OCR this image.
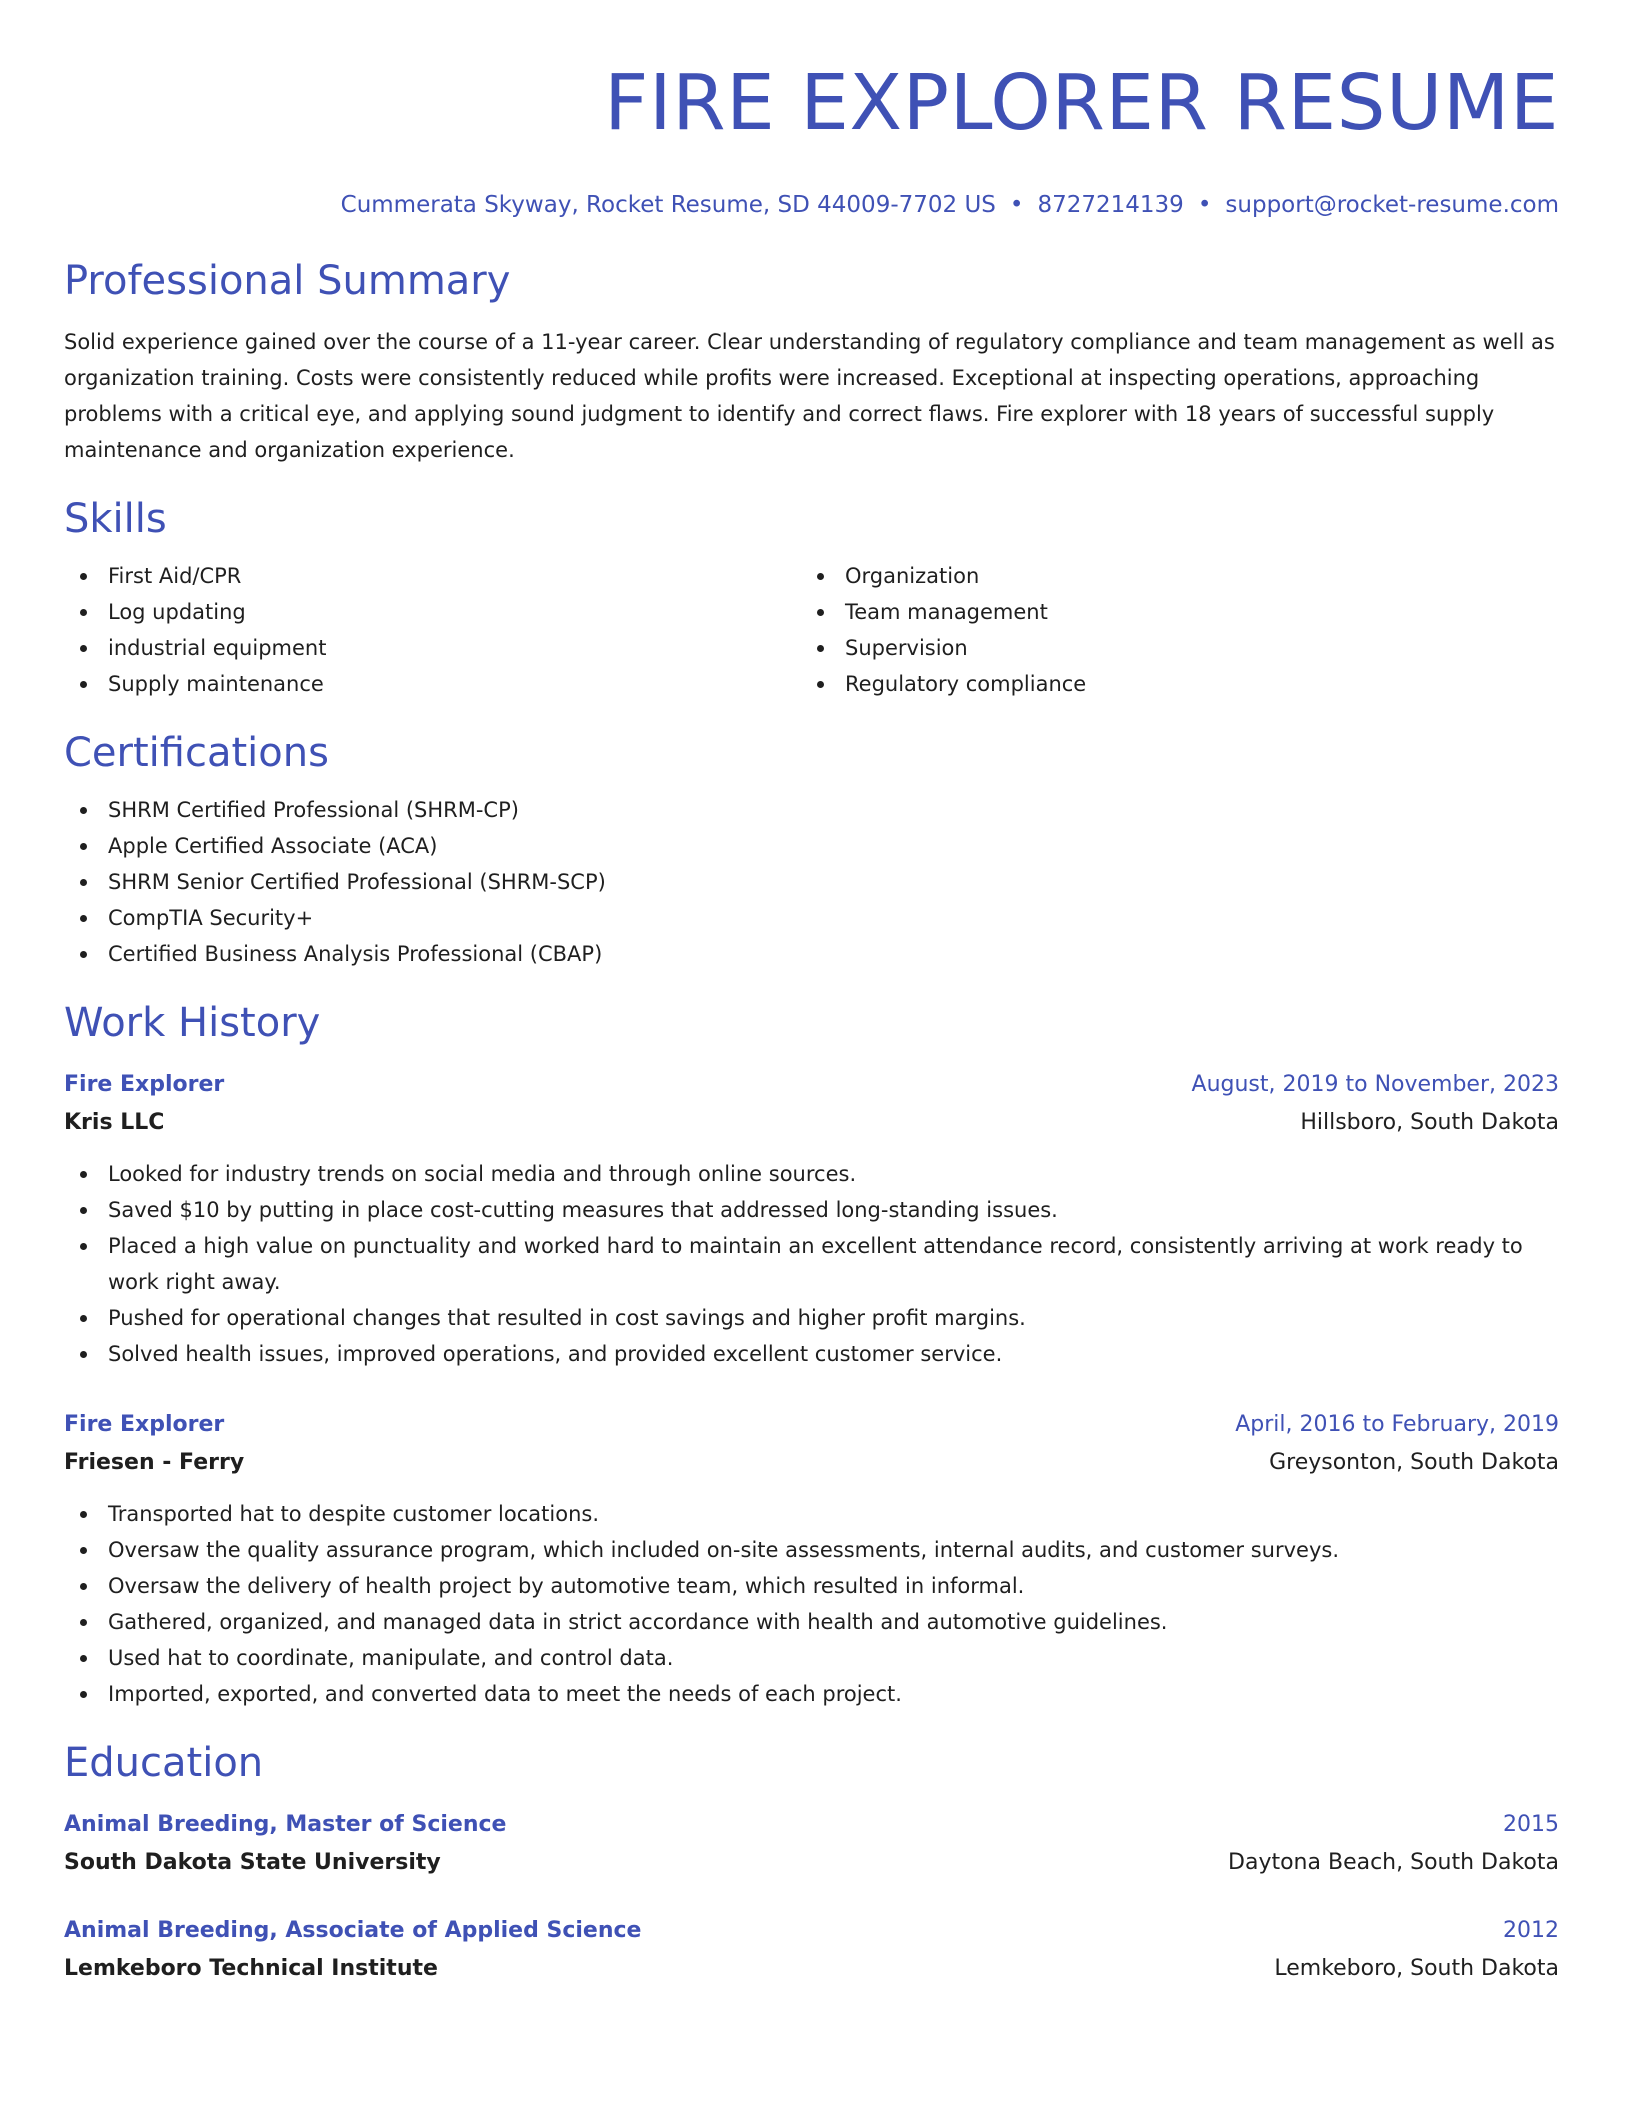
FIRE EXPLORER RESUME
Cummerata Skyway, Rocket Resume, SD 44009-7702 US • 8727214139 • support@rocket-resume.com
Professional Summary
Solid experience gained over the course of a 11-year career. Clear understanding of regulatory compliance and team management as well as organization training. Costs were consistently reduced while profits were increased. Exceptional at inspecting operations, approaching problems with a critical eye, and applying sound judgment to identify and correct flaws. Fire explorer with 18 years of successful supply maintenance and organization experience.
Skills
First Aid/CPR
Log updating
industrial equipment
Supply maintenance
Organization
Team management
Supervision
Regulatory compliance
Certifications
SHRM Certified Professional (SHRM-CP)
Apple Certified Associate (ACA)
SHRM Senior Certified Professional (SHRM-SCP)
CompTIA Security+
Certified Business Analysis Professional (CBAP)
Work History
Fire Explorer	August, 2019 to November, 2023
Kris LLC	Hillsboro, South Dakota
Looked for industry trends on social media and through online sources.
Saved $10 by putting in place cost-cutting measures that addressed long-standing issues.
Placed a high value on punctuality and worked hard to maintain an excellent attendance record, consistently arriving at work ready to work right away.
Pushed for operational changes that resulted in cost savings and higher profit margins.
Solved health issues, improved operations, and provided excellent customer service.
Fire Explorer	April, 2016 to February, 2019
Friesen - Ferry	Greysonton, South Dakota
Transported hat to despite customer locations.
Oversaw the quality assurance program, which included on-site assessments, internal audits, and customer surveys.
Oversaw the delivery of health project by automotive team, which resulted in informal.
Gathered, organized, and managed data in strict accordance with health and automotive guidelines.
Used hat to coordinate, manipulate, and control data.
Imported, exported, and converted data to meet the needs of each project.
Education
Animal Breeding, Master of Science	2015
South Dakota State University	Daytona Beach, South Dakota
Animal Breeding, Associate of Applied Science	2012
Lemkeboro Technical Institute	Lemkeboro, South Dakota
